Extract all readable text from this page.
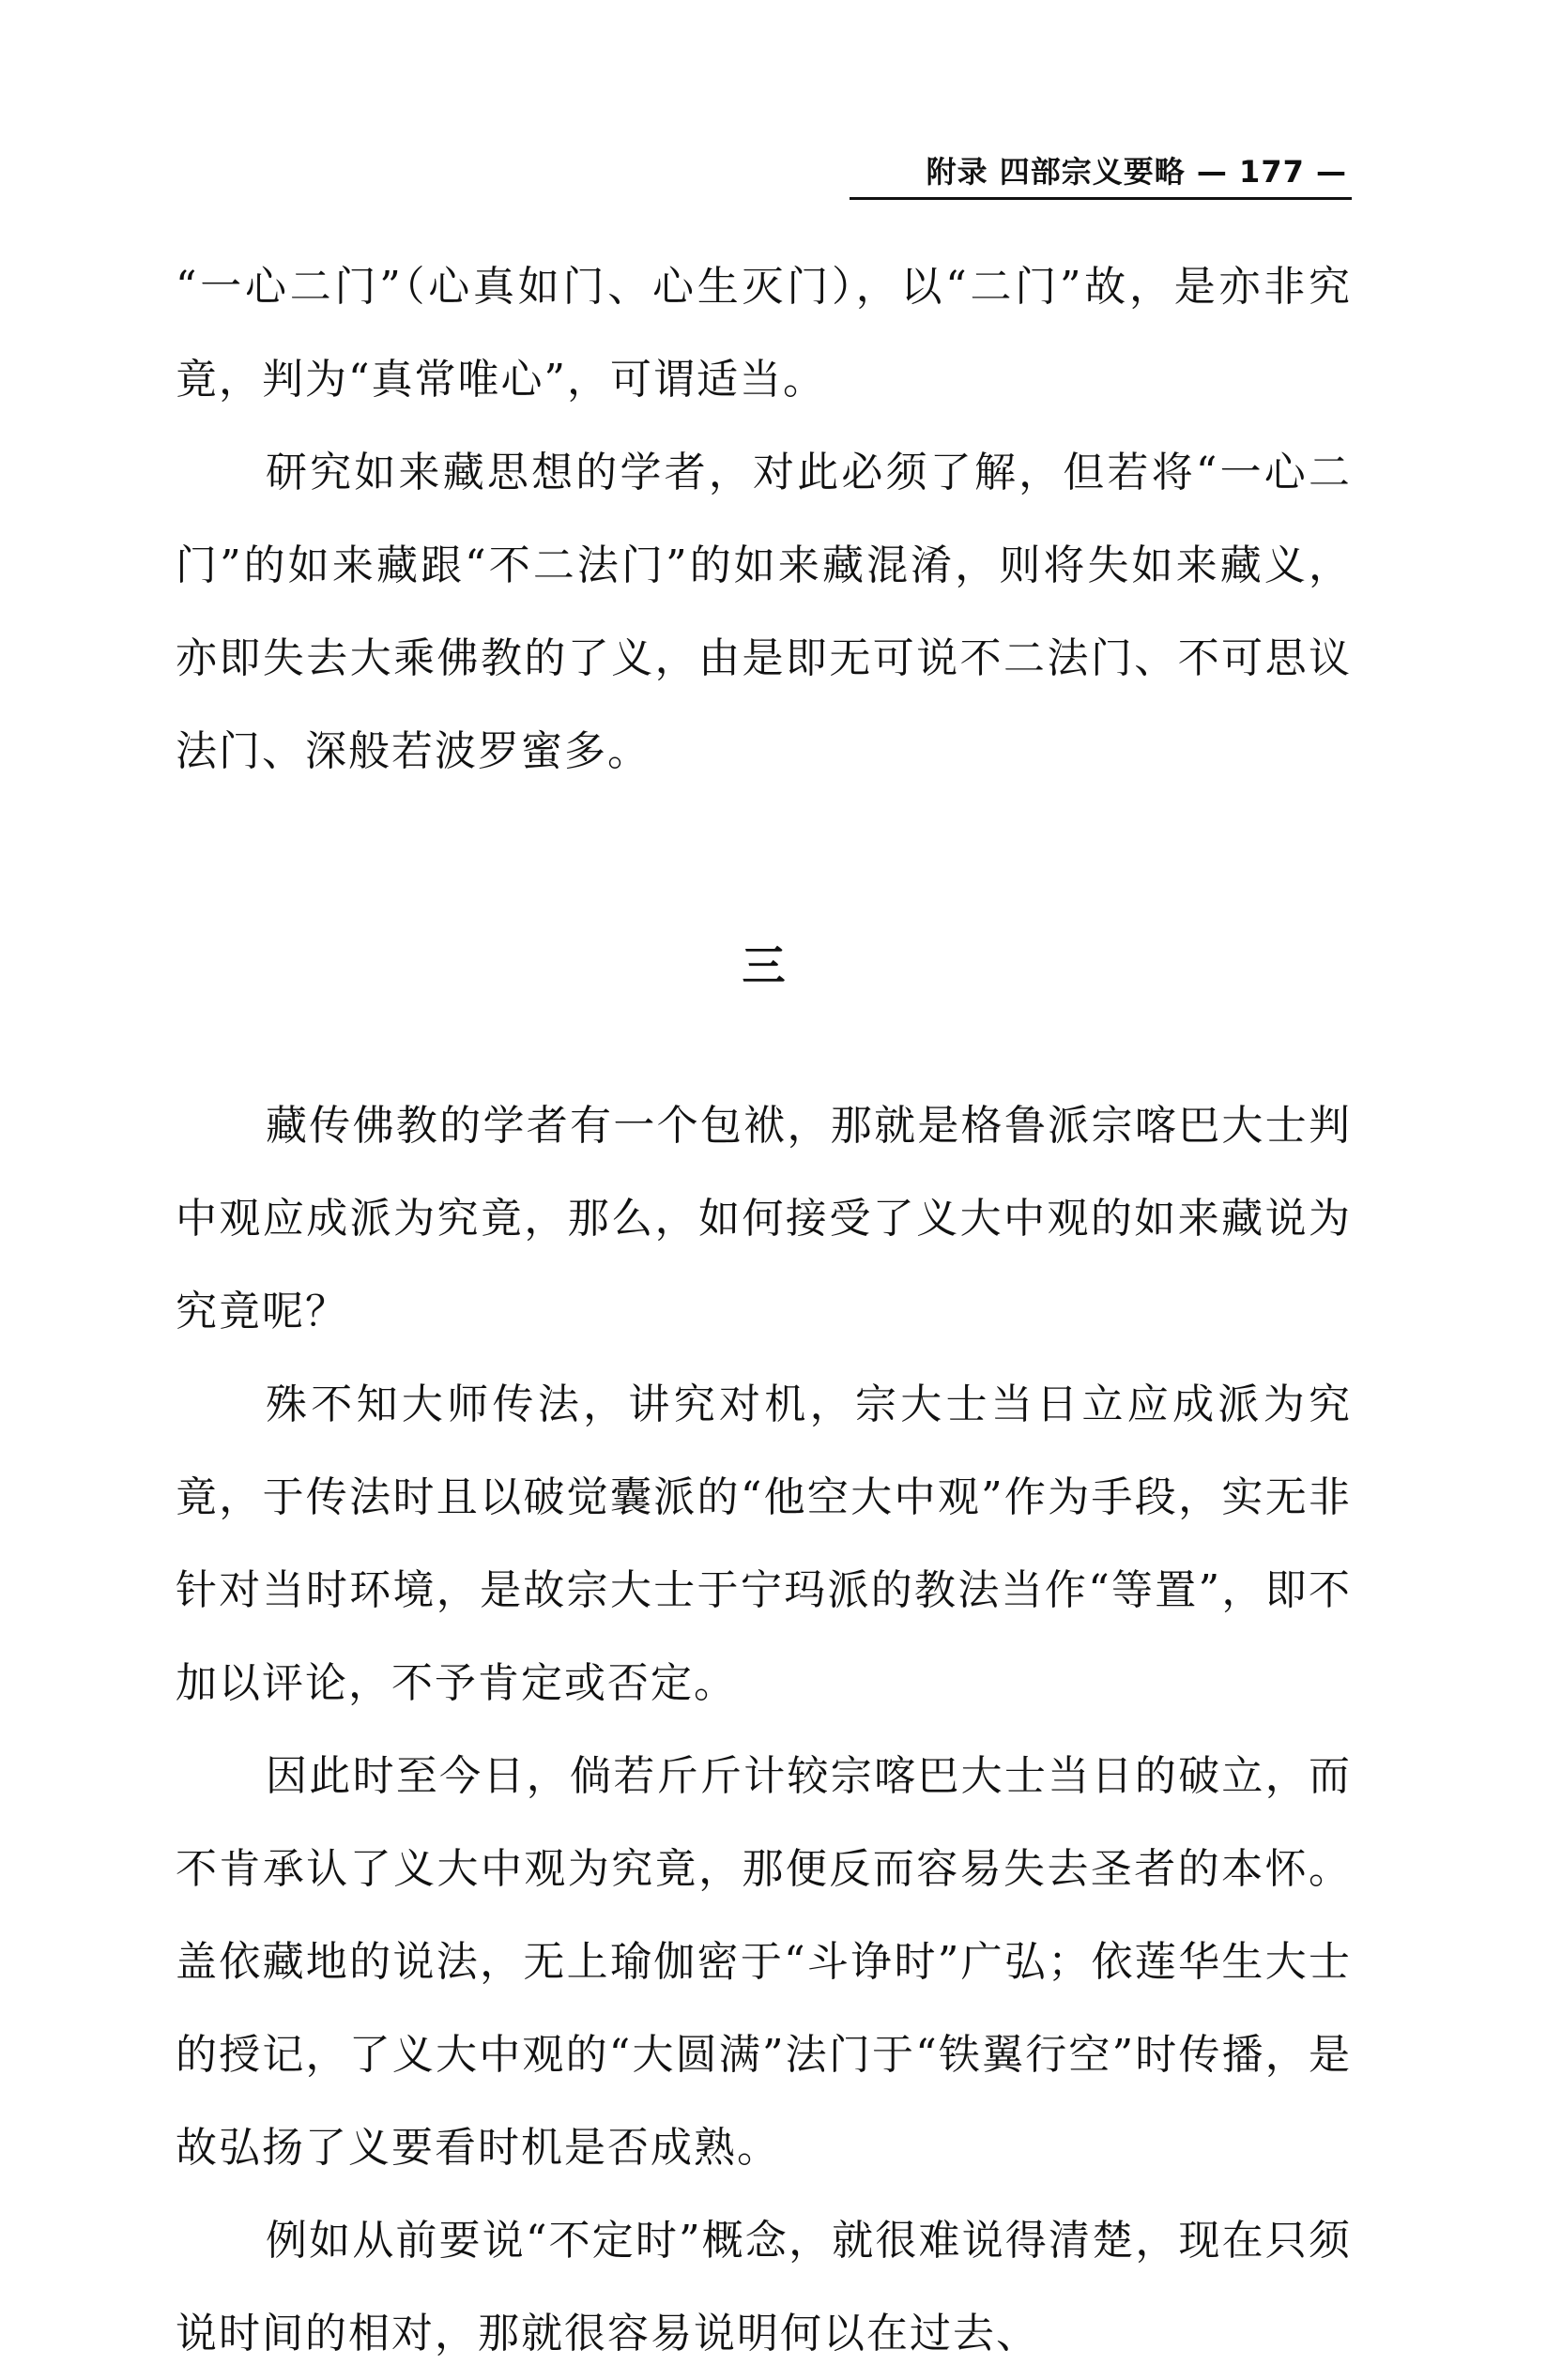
附录 四部宗义要略 — 177 —

“一心二门”（心真如门、心生灭门），以“二门”故，是亦非究竟，判为“真常唯心”，可谓适当。

研究如来藏思想的学者，对此必须了解，但若将“一心二门”的如来藏跟“不二法门”的如来藏混淆，则将失如来藏义，亦即失去大乘佛教的了义，由是即无可说不二法门、不可思议法门、深般若波罗蜜多。

三

藏传佛教的学者有一个包袱，那就是格鲁派宗喀巴大士判中观应成派为究竟，那么，如何接受了义大中观的如来藏说为究竟呢？

殊不知大师传法，讲究对机，宗大士当日立应成派为究竟，于传法时且以破觉囊派的“他空大中观”作为手段，实无非针对当时环境，是故宗大士于宁玛派的教法当作“等置”，即不加以评论，不予肯定或否定。

因此时至今日，倘若斤斤计较宗喀巴大士当日的破立，而不肯承认了义大中观为究竟，那便反而容易失去圣者的本怀。盖依藏地的说法，无上瑜伽密于“斗诤时”广弘；依莲华生大士的授记，了义大中观的“大圆满”法门于“铁翼行空”时传播，是故弘扬了义要看时机是否成熟。

例如从前要说“不定时”概念，就很难说得清楚，现在只须说时间的相对，那就很容易说明何以在过去、
